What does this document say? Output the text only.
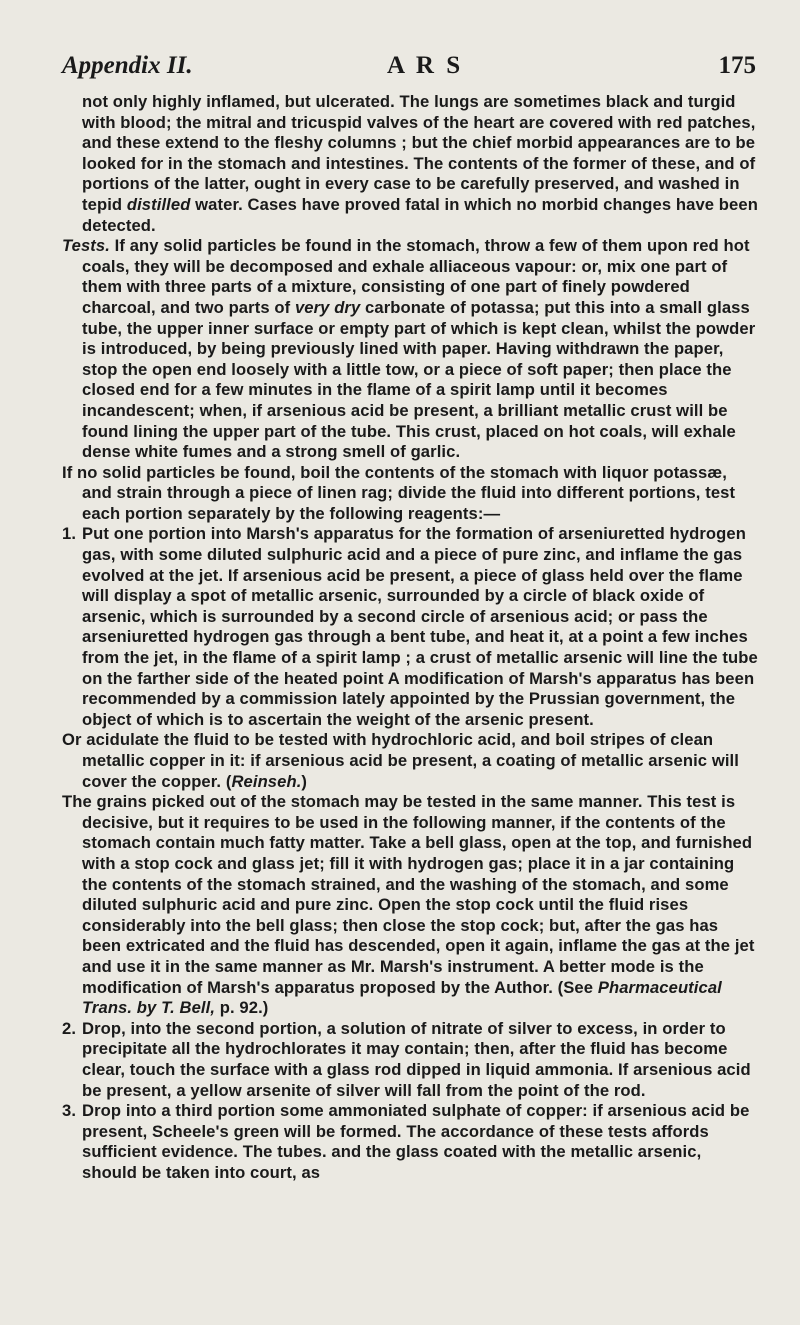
Appendix II.	A R S	175

not only highly inflamed, but ulcerated. The lungs are sometimes black and turgid with blood; the mitral and tricuspid valves of the heart are covered with red patches, and these extend to the fleshy columns ; but the chief morbid appearances are to be looked for in the stomach and intestines. The contents of the former of these, and of portions of the latter, ought in every case to be carefully preserved, and washed in tepid distilled water. Cases have proved fatal in which no morbid changes have been detected.

Tests. If any solid particles be found in the stomach, throw a few of them upon red hot coals, they will be decomposed and exhale alliaceous vapour: or, mix one part of them with three parts of a mixture, consisting of one part of finely powdered charcoal, and two parts of very dry carbonate of potassa; put this into a small glass tube, the upper inner surface or empty part of which is kept clean, whilst the powder is introduced, by being previously lined with paper. Having withdrawn the paper, stop the open end loosely with a little tow, or a piece of soft paper; then place the closed end for a few minutes in the flame of a spirit lamp until it becomes incandescent; when, if arsenious acid be present, a brilliant metallic crust will be found lining the upper part of the tube. This crust, placed on hot coals, will exhale dense white fumes and a strong smell of garlic.

If no solid particles be found, boil the contents of the stomach with liquor potassæ, and strain through a piece of linen rag; divide the fluid into different portions, test each portion separately by the following reagents:—

1. Put one portion into Marsh's apparatus for the formation of arseniuretted hydrogen gas, with some diluted sulphuric acid and a piece of pure zinc, and inflame the gas evolved at the jet. If arsenious acid be present, a piece of glass held over the flame will display a spot of metallic arsenic, surrounded by a circle of black oxide of arsenic, which is surrounded by a second circle of arsenious acid; or pass the arseniuretted hydrogen gas through a bent tube, and heat it, at a point a few inches from the jet, in the flame of a spirit lamp ; a crust of metallic arsenic will line the tube on the farther side of the heated point A modification of Marsh's apparatus has been recommended by a commission lately appointed by the Prussian government, the object of which is to ascertain the weight of the arsenic present.

Or acidulate the fluid to be tested with hydrochloric acid, and boil stripes of clean metallic copper in it: if arsenious acid be present, a coating of metallic arsenic will cover the copper. (Reinseh.)

The grains picked out of the stomach may be tested in the same manner. This test is decisive, but it requires to be used in the following manner, if the contents of the stomach contain much fatty matter. Take a bell glass, open at the top, and furnished with a stop cock and glass jet; fill it with hydrogen gas; place it in a jar containing the contents of the stomach strained, and the washing of the stomach, and some diluted sulphuric acid and pure zinc. Open the stop cock until the fluid rises considerably into the bell glass; then close the stop cock; but, after the gas has been extricated and the fluid has descended, open it again, inflame the gas at the jet and use it in the same manner as Mr. Marsh's instrument. A better mode is the modification of Marsh's apparatus proposed by the Author. (See Pharmaceutical Trans. by T. Bell, p. 92.)

2. Drop, into the second portion, a solution of nitrate of silver to excess, in order to precipitate all the hydrochlorates it may contain; then, after the fluid has become clear, touch the surface with a glass rod dipped in liquid ammonia. If arsenious acid be present, a yellow arsenite of silver will fall from the point of the rod.

3. Drop into a third portion some ammoniated sulphate of copper: if arsenious acid be present, Scheele's green will be formed. The accordance of these tests affords sufficient evidence. The tubes. and the glass coated with the metallic arsenic, should be taken into court, as
